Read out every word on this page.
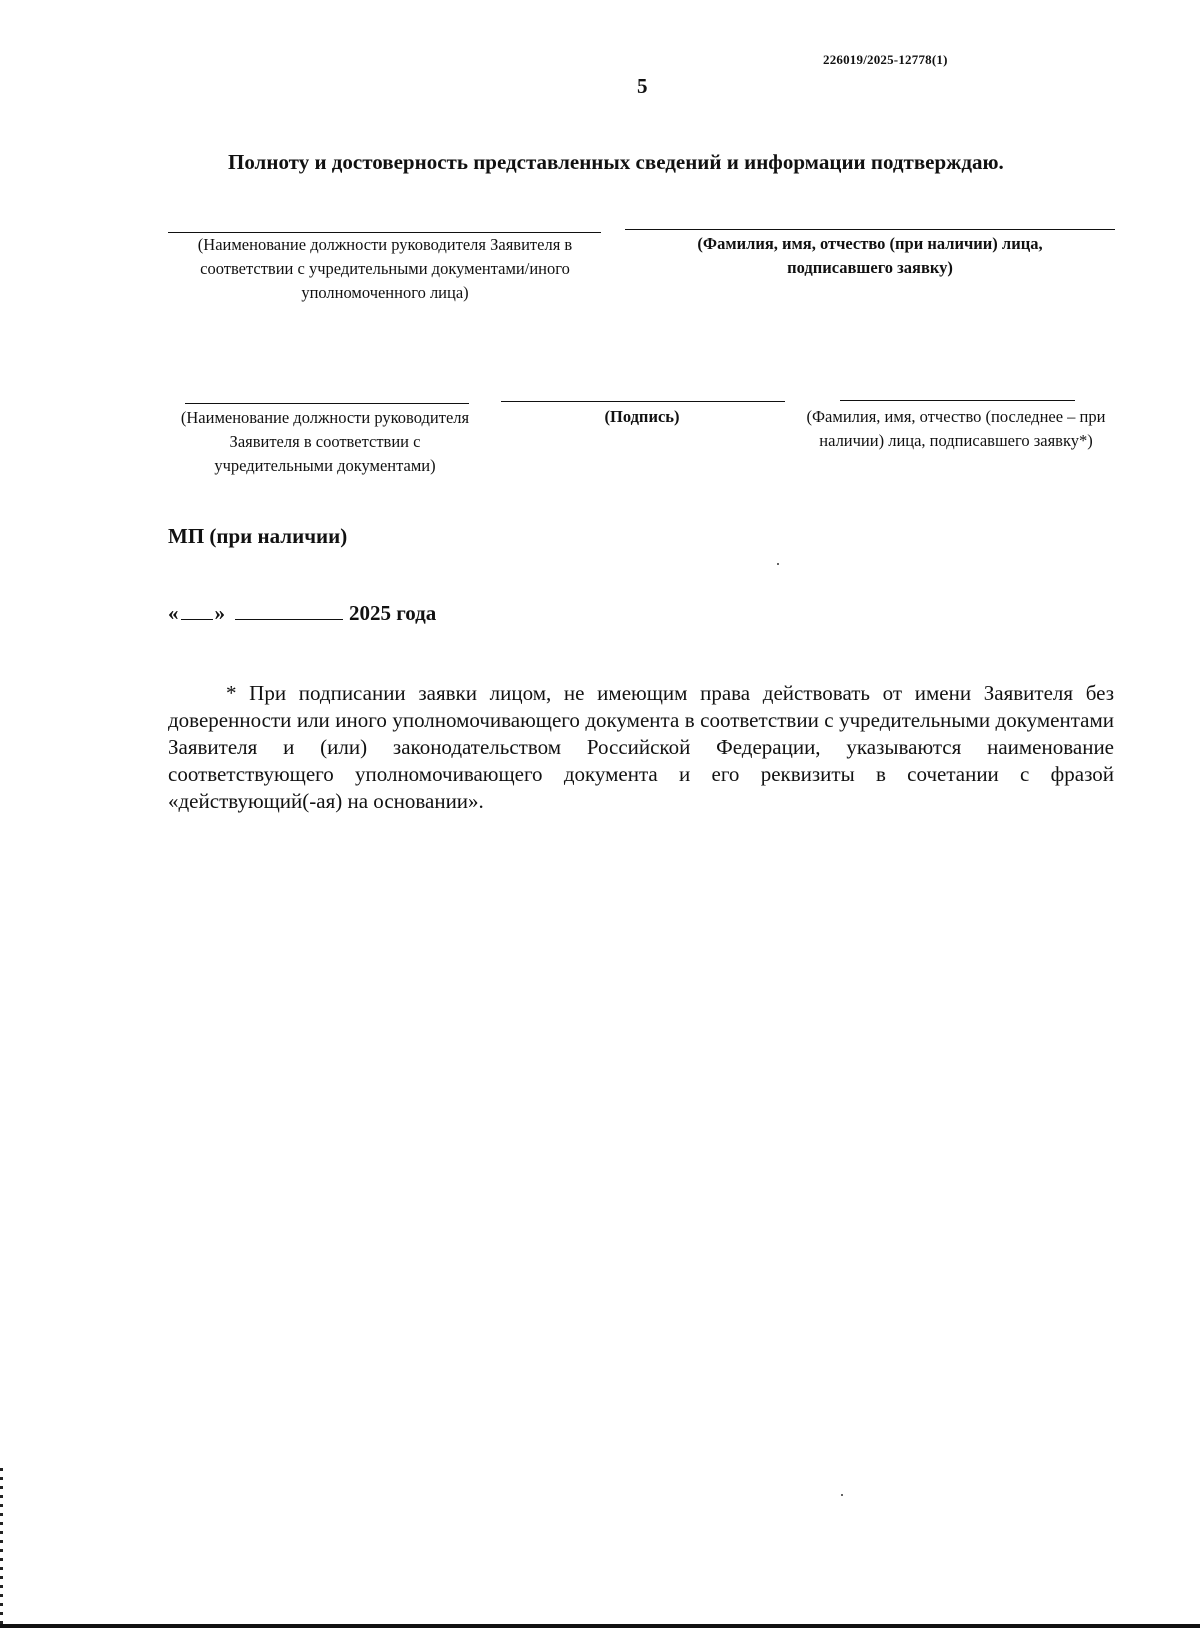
226019/2025-12778(1)
5
Полноту и достоверность представленных сведений и информации подтверждаю.
(Наименование должности руководителя Заявителя в соответствии с учредительными документами/иного уполномоченного лица)
(Фамилия, имя, отчество (при наличии) лица, подписавшего заявку)
(Наименование должности руководителя Заявителя в соответствии с учредительными документами)
(Подпись)	(Фамилия, имя, отчество (последнее – при наличии) лица, подписавшего заявку*)
МП (при наличии)
« »	2025 года
* При подписании заявки лицом, не имеющим права действовать от имени Заявителя без доверенности или иного уполномочивающего документа в соответствии с учредительными документами Заявителя и (или) законодательством Российской Федерации, указываются наименование соответствующего уполномочивающего документа и его реквизиты в сочетании с фразой «действующий(-ая) на основании».
